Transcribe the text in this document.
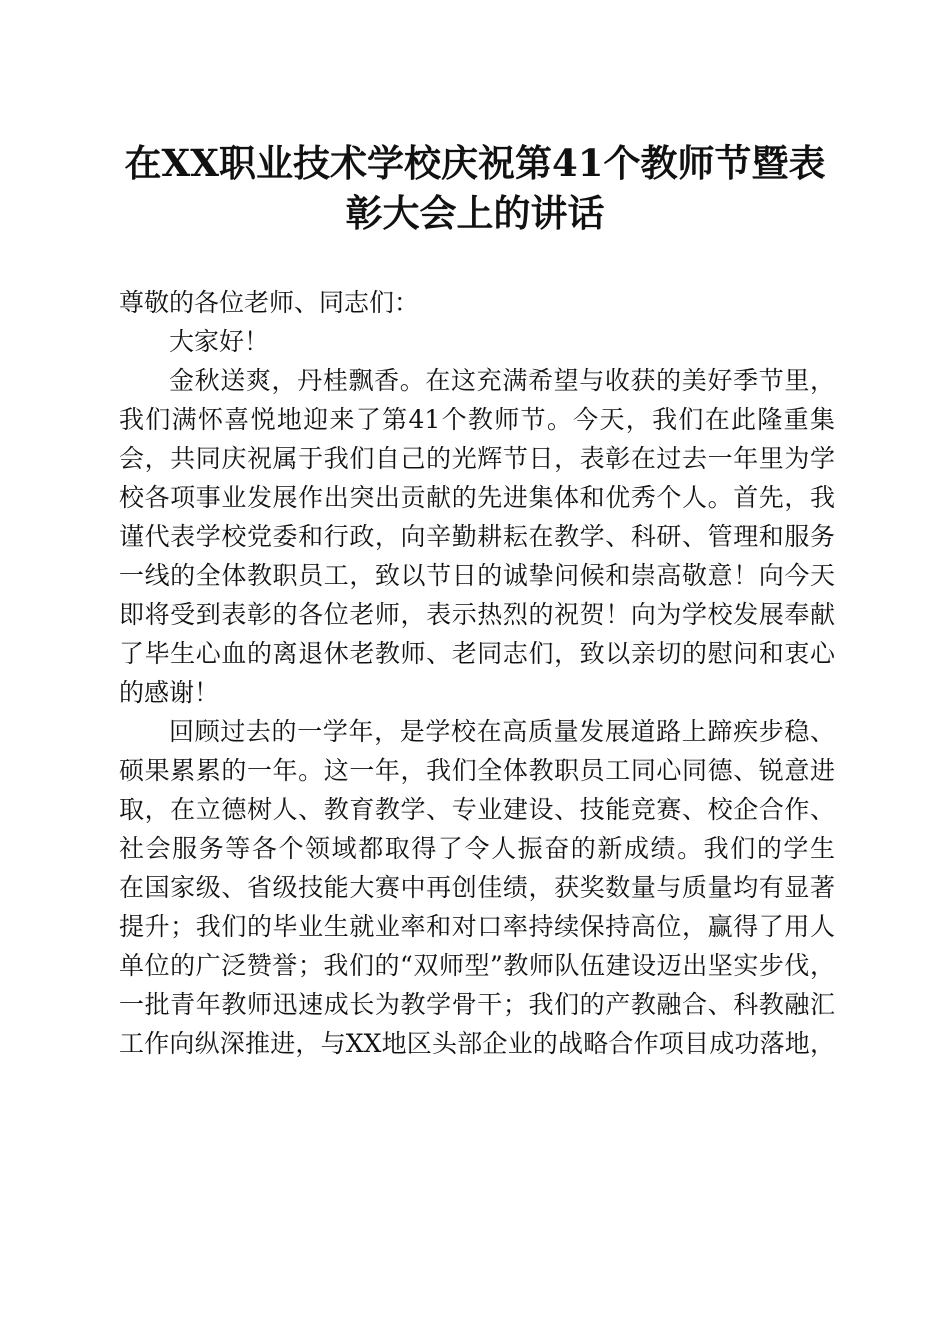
在XX职业技术学校庆祝第41个教师节暨表
彰大会上的讲话
尊敬的各位老师、同志们：
大家好！
金秋送爽，丹桂飘香。在这充满希望与收获的美好季节里，
我们满怀喜悦地迎来了第41个教师节。今天，我们在此隆重集
会，共同庆祝属于我们自己的光辉节日，表彰在过去一年里为学
校各项事业发展作出突出贡献的先进集体和优秀个人。首先，我
谨代表学校党委和行政，向辛勤耕耘在教学、科研、管理和服务
一线的全体教职员工，致以节日的诚挚问候和崇高敬意！向今天
即将受到表彰的各位老师，表示热烈的祝贺！向为学校发展奉献
了毕生心血的离退休老教师、老同志们，致以亲切的慰问和衷心
的感谢！
回顾过去的一学年，是学校在高质量发展道路上蹄疾步稳、
硕果累累的一年。这一年，我们全体教职员工同心同德、锐意进
取，在立德树人、教育教学、专业建设、技能竞赛、校企合作、
社会服务等各个领域都取得了令人振奋的新成绩。我们的学生
在国家级、省级技能大赛中再创佳绩，获奖数量与质量均有显著
提升；我们的毕业生就业率和对口率持续保持高位，赢得了用人
单位的广泛赞誉；我们的“双师型”教师队伍建设迈出坚实步伐，
一批青年教师迅速成长为教学骨干；我们的产教融合、科教融汇
工作向纵深推进，与XX地区头部企业的战略合作项目成功落地，
